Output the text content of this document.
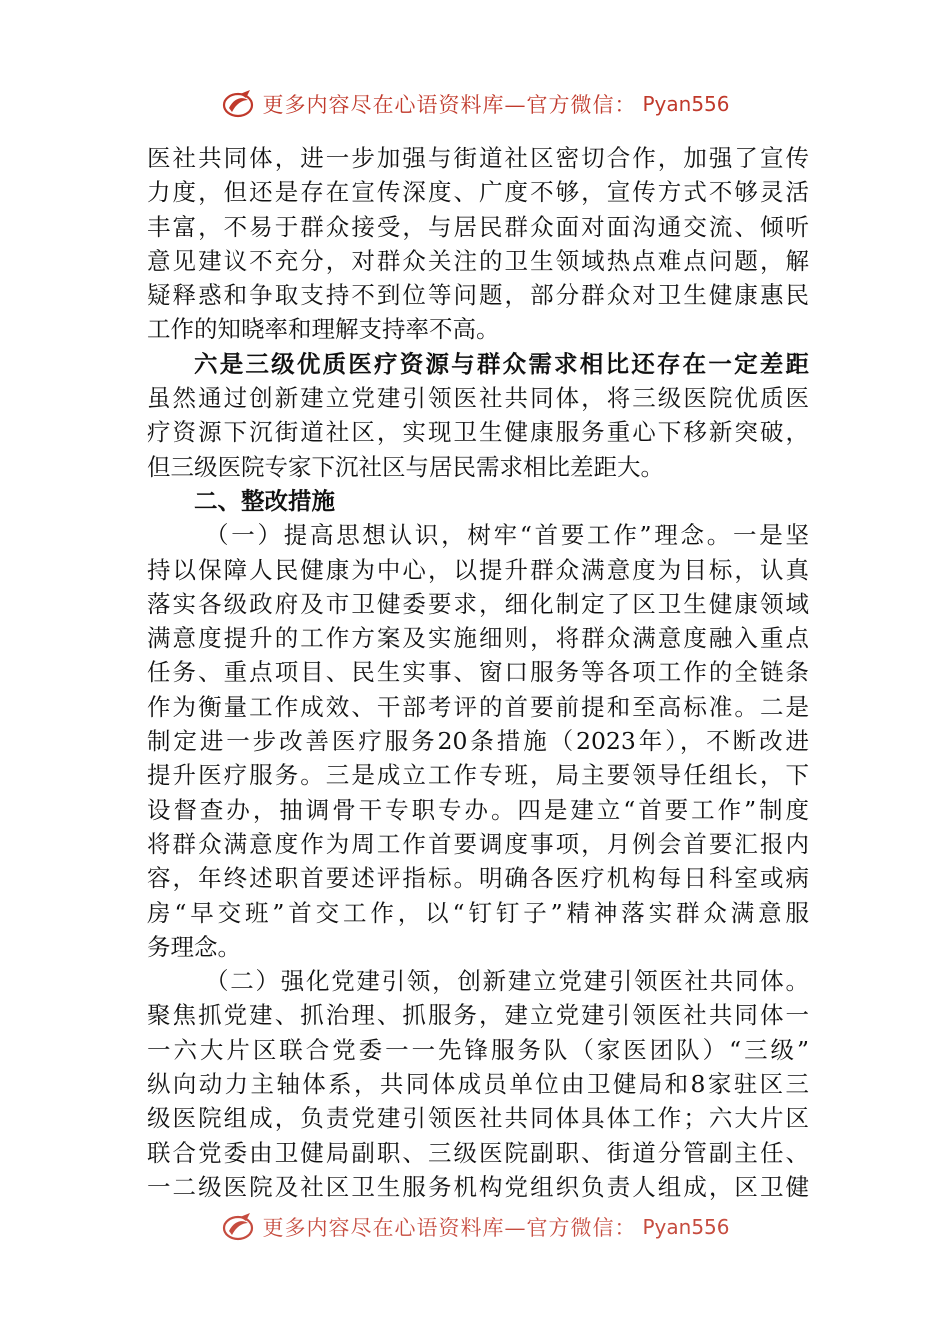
更多内容尽在心语资料库—官方微信： Pyan556
医社共同体，进一步加强与街道社区密切合作，加强了宣传
力度，但还是存在宣传深度、广度不够，宣传方式不够灵活
丰富，不易于群众接受，与居民群众面对面沟通交流、倾听
意见建议不充分，对群众关注的卫生领域热点难点问题，解
疑释惑和争取支持不到位等问题，部分群众对卫生健康惠民
工作的知晓率和理解支持率不高。
六是三级优质医疗资源与群众需求相比还存在一定差距
虽然通过创新建立党建引领医社共同体，将三级医院优质医
疗资源下沉街道社区，实现卫生健康服务重心下移新突破，
但三级医院专家下沉社区与居民需求相比差距大。
二、整改措施
（一）提高思想认识，树牢“首要工作”理念。一是坚
持以保障人民健康为中心，以提升群众满意度为目标，认真
落实各级政府及市卫健委要求，细化制定了区卫生健康领域
满意度提升的工作方案及实施细则，将群众满意度融入重点
任务、重点项目、民生实事、窗口服务等各项工作的全链条
作为衡量工作成效、干部考评的首要前提和至高标准。二是
制定进一步改善医疗服务20条措施（2023年），不断改进
提升医疗服务。三是成立工作专班，局主要领导任组长，下
设督查办，抽调骨干专职专办。四是建立“首要工作”制度
将群众满意度作为周工作首要调度事项，月例会首要汇报内
容，年终述职首要述评指标。明确各医疗机构每日科室或病
房“早交班”首交工作，以“钉钉子”精神落实群众满意服
务理念。
（二）强化党建引领，创新建立党建引领医社共同体。
聚焦抓党建、抓治理、抓服务，建立党建引领医社共同体一
一六大片区联合党委一一先锋服务队（家医团队）“三级”
纵向动力主轴体系，共同体成员单位由卫健局和8家驻区三
级医院组成，负责党建引领医社共同体具体工作；六大片区
联合党委由卫健局副职、三级医院副职、街道分管副主任、
一二级医院及社区卫生服务机构党组织负责人组成，区卫健
更多内容尽在心语资料库—官方微信： Pyan556
